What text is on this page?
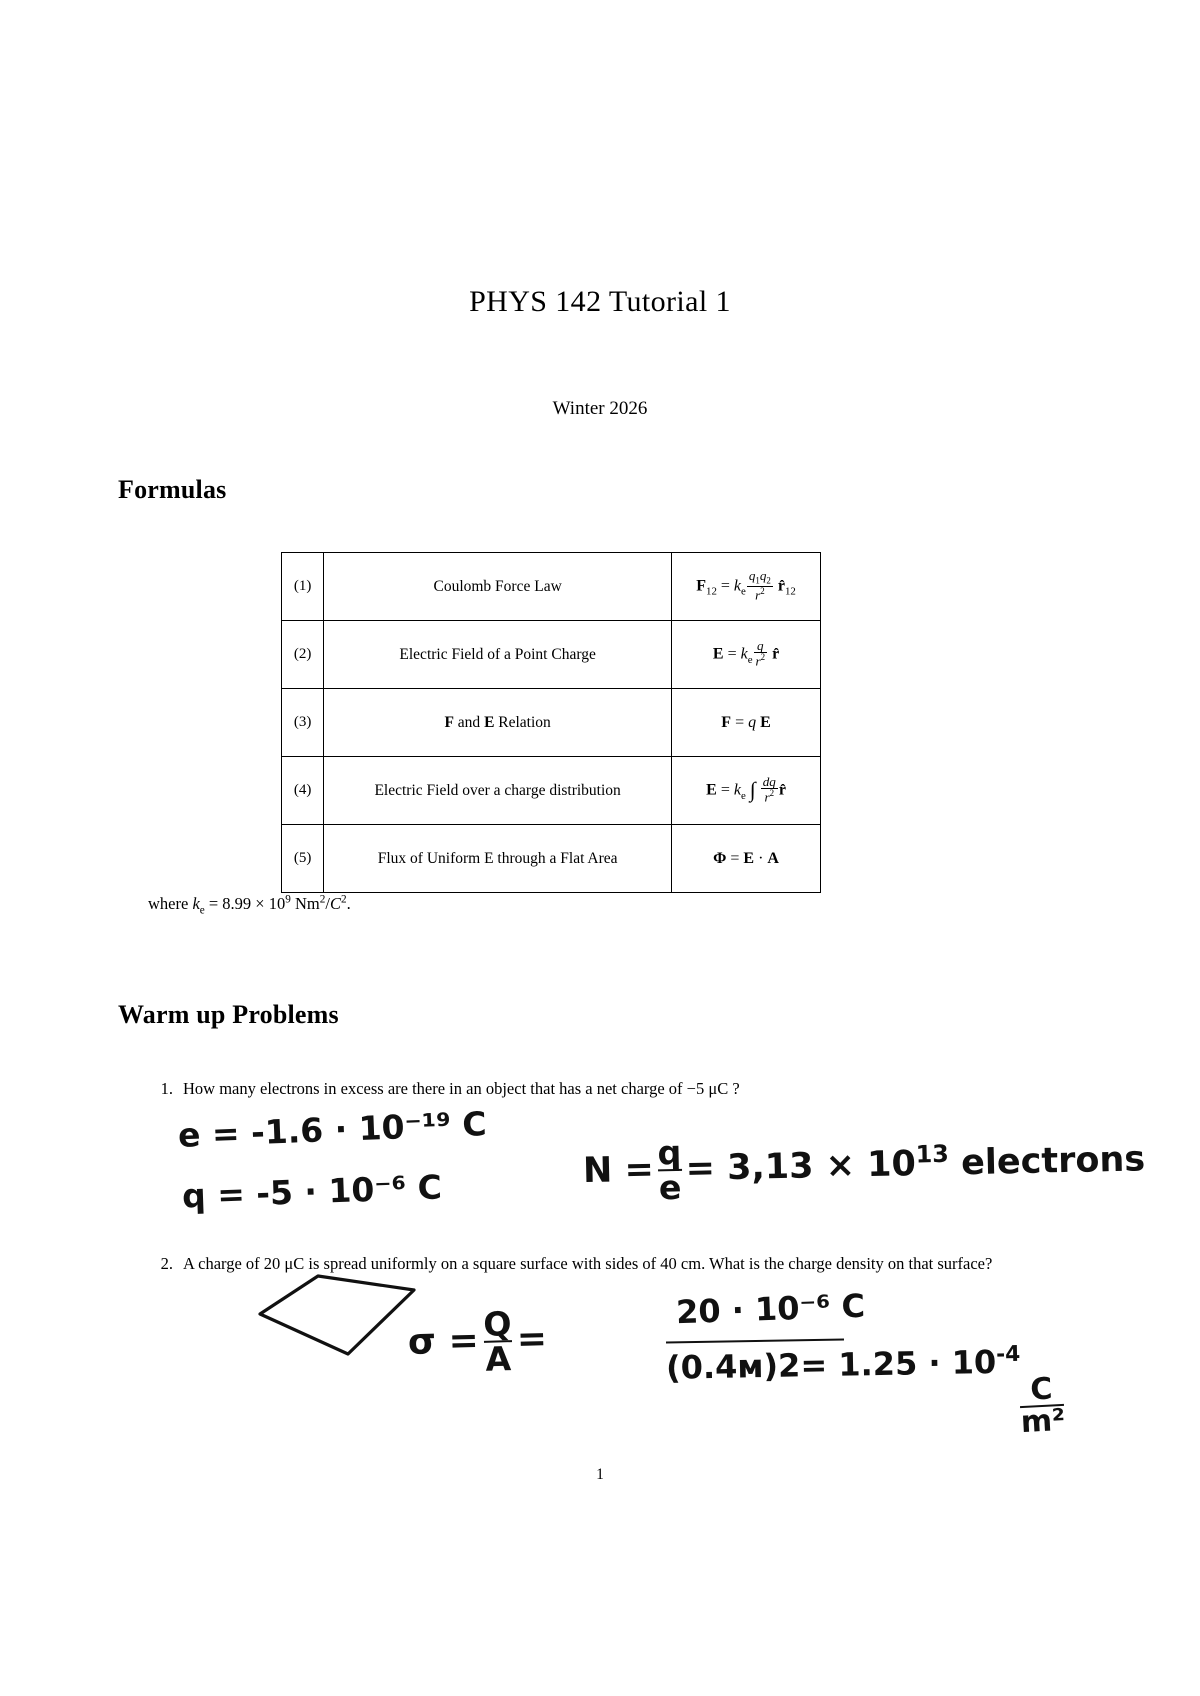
PHYS 142 Tutorial 1
Winter 2026
Formulas
(1)	Coulomb Force Law	$F_{12} = k_e \frac{q_1q_2}{r^2}$ $r̂_{12}$
(2)	Electric Field of a Point Charge	$E = k_e \frac{q}{r^2}$ r̂
(3)	F and E Relation	F = q E
(4)	Electric Field over a charge distribution	$E = k_e$ ∫ $\frac{dq}{r^2}$ r̂
(5)	Flux of Uniform E through a Flat Area	Φ = E · A
where $k_e = 8.99 \times 10^9$ $Nm^2/C^2$.
Warm up Problems
1. How many electrons in excess are there in an object that has a net charge of −5 μC ?
2. A charge of 20 μC is spread uniformly on a square surface with sides of 40 cm. What is the charge density on that surface?
e = -1.6 · 10⁻¹⁹ C
q = -5 · 10⁻⁶ C	$N = \frac{q}{e} = 3,13 \times 10^{13}$ electrons
$\sigma = \frac{Q}{A}$ =
20 · 10⁻⁶ C
(0.4ᴍ)2= $1.25 \cdot 10^{-4}$
$\frac{C}{\text{m²}}$
1
